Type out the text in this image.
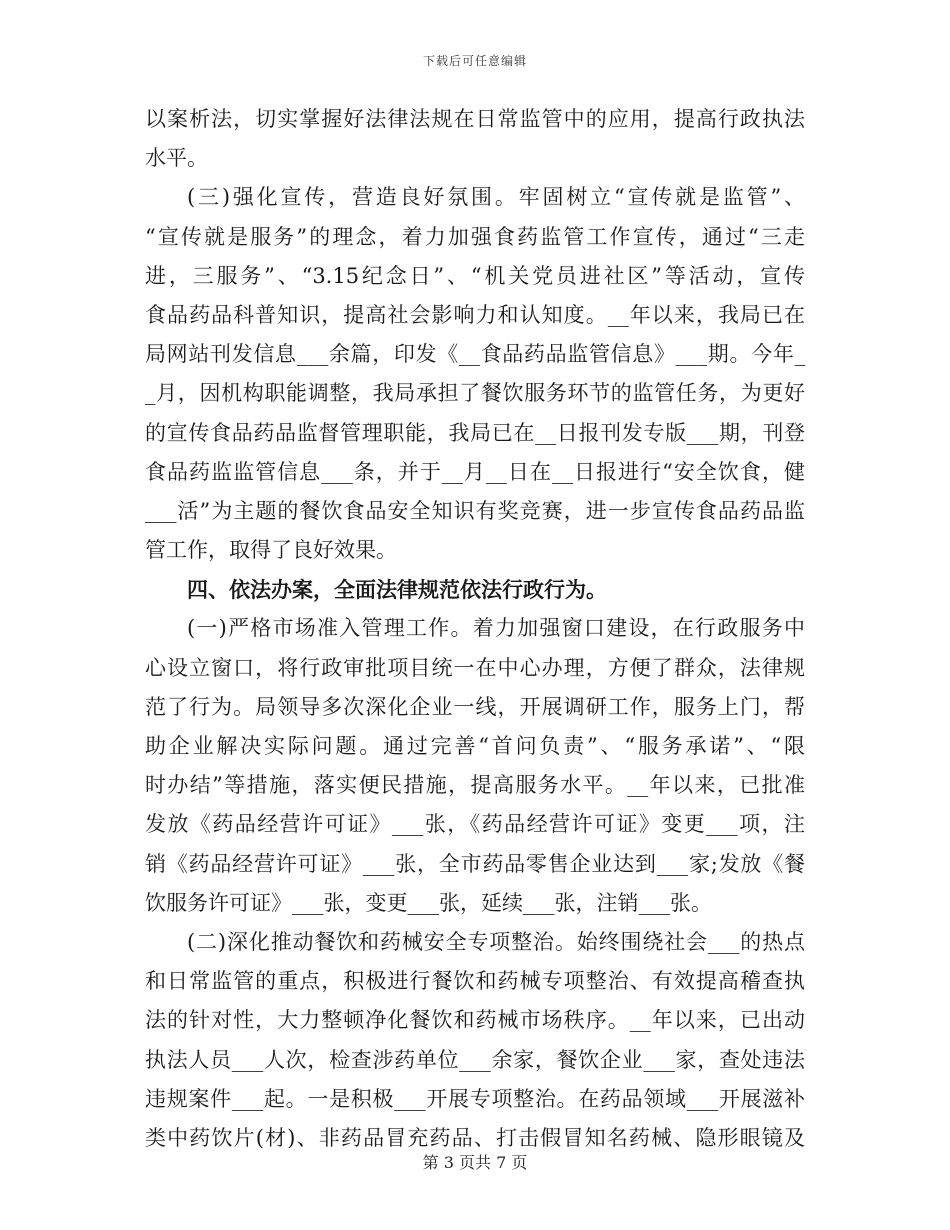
下载后可任意编辑
以案析法，切实掌握好法律法规在日常监管中的应用，提高行政执法
水平。
(三)强化宣传，营造良好氛围。牢固树立“宣传就是监管”、
“宣传就是服务”的理念，着力加强食药监管工作宣传，通过“三走
进，三服务”、“3.15纪念日”、“机关党员进社区”等活动，宣传
食品药品科普知识，提高社会影响力和认知度。__年以来，我局已在
局网站刊发信息___余篇，印发《__食品药品监管信息》___期。今年_
_月，因机构职能调整，我局承担了餐饮服务环节的监管任务，为更好
的宣传食品药品监督管理职能，我局已在__日报刊发专版___期，刊登
食品药监监管信息___条，并于__月__日在__日报进行“安全饮食，健
___活”为主题的餐饮食品安全知识有奖竞赛，进一步宣传食品药品监
管工作，取得了良好效果。
四、依法办案，全面法律规范依法行政行为。
(一)严格市场准入管理工作。着力加强窗口建设，在行政服务中
心设立窗口，将行政审批项目统一在中心办理，方便了群众，法律规
范了行为。局领导多次深化企业一线，开展调研工作，服务上门，帮
助企业解决实际问题。通过完善“首问负责”、“服务承诺”、“限
时办结”等措施，落实便民措施，提高服务水平。__年以来，已批准
发放《药品经营许可证》___张，《药品经营许可证》变更___项，注
销《药品经营许可证》___张，全市药品零售企业达到___家;发放《餐
饮服务许可证》___张，变更___张，延续___张，注销___张。
(二)深化推动餐饮和药械安全专项整治。始终围绕社会___的热点
和日常监管的重点，积极进行餐饮和药械专项整治、有效提高稽查执
法的针对性，大力整顿净化餐饮和药械市场秩序。__年以来，已出动
执法人员___人次，检查涉药单位___余家，餐饮企业___家，查处违法
违规案件___起。一是积极___开展专项整治。在药品领域___开展滋补
类中药饮片(材)、非药品冒充药品、打击假冒知名药械、隐形眼镜及
第 3 页共 7 页
